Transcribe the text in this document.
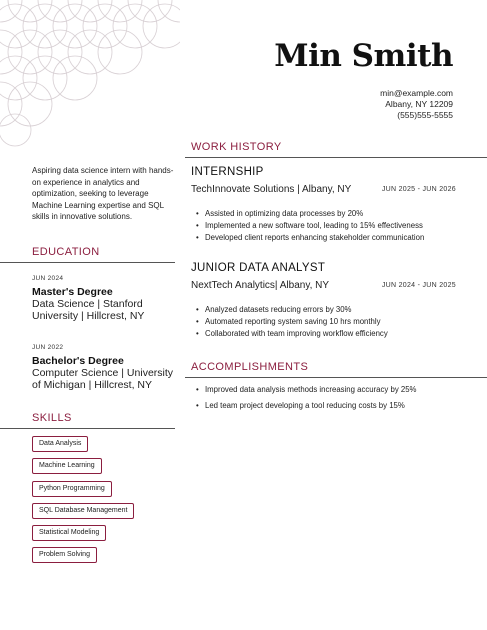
Min Smith
min@example.com
Albany, NY 12209
(555)555-5555
Aspiring data science intern with hands-on experience in analytics and optimization, seeking to leverage Machine Learning expertise and SQL skills in innovative solutions.
EDUCATION
JUN 2024
Master's Degree
Data Science | Stanford University | Hillcrest, NY
JUN 2022
Bachelor's Degree
Computer Science | University of Michigan | Hillcrest, NY
SKILLS
Data Analysis
Machine Learning
Python Programming
SQL Database Management
Statistical Modeling
Problem Solving
WORK HISTORY
INTERNSHIP
TechInnovate Solutions | Albany, NY	JUN 2025 - JUN 2026
• Assisted in optimizing data processes by 20%
• Implemented a new software tool, leading to 15% effectiveness
• Developed client reports enhancing stakeholder communication
JUNIOR DATA ANALYST
NextTech Analytics| Albany, NY	JUN 2024 - JUN 2025
• Analyzed datasets reducing errors by 30%
• Automated reporting system saving 10 hrs monthly
• Collaborated with team improving workflow efficiency
ACCOMPLISHMENTS
• Improved data analysis methods increasing accuracy by 25%
• Led team project developing a tool reducing costs by 15%
